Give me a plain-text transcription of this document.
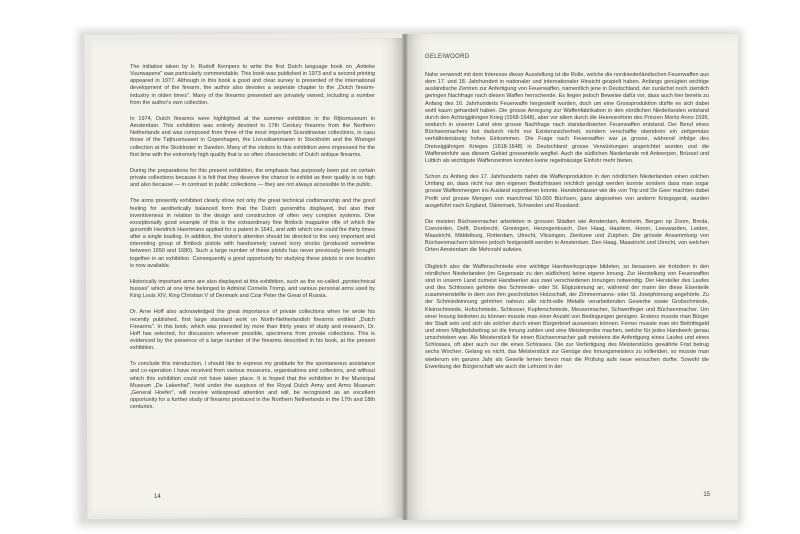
The initiative taken by Ir. Rudolf Kempers to write the first Dutch language book on „Antieke Vuurwapens" was particularly commendable. This book was published in 1973 and a second printing appeared in 1977. Although in this book a good and clear survey is presented of the international development of the firearm, the author also devotes a seperate chapter to the „Dutch firearm-industry in olden times". Many of the firearms presented are privately owned, including a number from the author's own collection.

In 1974, Dutch firearms were highlighted at the summer exhibition in the Rijksmuseum in Amsterdam. This exhibition was entirely devoted to 17th Century firearms from the Northern Netherlands and was composed from three of the most important Scandinavian collections, in casu those of the Tøjhusmuseet in Copenhagen, the Livrustkammaren in Stockholm and the Wrangel collection at the Skokloster in Sweden. Many of the visitors to this exhibition were impressed for the first time with the extremely high quality that is so often characteristic of Dutch antique firearms.

During the preparations for this present exhibition, the emphasis has purposely been put on certain private collections because it is felt that they deserve the chance to exhibit as their quality is so high and also because — in contrast to public collections — they are not always accessible to the public.

The arms presently exhibited clearly show not only the great technical craftsmanship and the good feeling for aesthetically balanced form that the Dutch gunsmiths displayed, but also their inventiveness in relation to the design and construction of often very complex systems. One exceptionally good example of this is the extraordinary fine flintlock magazine rifle of which the gunsmith Hendrick Haertmans applied for a patent in 1641, and with which one could fire thirty times after a single loading. In addition, the visitor's attention should be directed to the very important and interesting group of flintlock pistols with handsomely carved ivory stocks (produced sometime between 1650 and 1680). Such a large number of these pistols has never previously been brought together in an exhibition. Consequently a good opportunity for studying these pistols in one location is now available.

Historically important arms are also displayed at this exhibition, such as the so-called „pyrotechnical busses" which at one time belonged to Admiral Cornelis Tromp, and various personal arms used by King Louis XIV, King Christian V of Denmark and Czar Peter the Great of Russia.

Dr. Arne Hoff also acknowledged the great importance of private collections when he wrote his recently published, first large standard work on North-Netherlandish firearms entitled „Dutch Firearms". In this book, which was preceded by more than thirty years of study and research, Dr. Hoff has selected, for discussion wherever possible, specimens from private collections. This is evidenced by the presence of a large number of the firearms described in his book, at the present exhibition.

To conclude this introduction, I should like to express my gratitude for the spontaneous assistance and co-operation I have received from various museums, organisations and collectors, and without which this exhibition could not have taken place. It is hoped that the exhibition in the Municipal Museum „De Lakenhal", held under the auspices of the Royal Dutch Army and Arms Museum „General Hoefer", will receive widespread attention and will, be recognized as an excellent opportunity for a further study of firearms produced in the Northern Netherlands in the 17th and 18th centuries.

14
GELEIWOORD

Nahe verwendt mit dem Interesse dieser Ausstellung ist die Rolle, welche die nordniederländischen Feuerwaffen aus dem 17. und 18. Jahrhundert in nationaler und internationaler Hinsicht gespielt haben. Anfangs genügten wichtige ausländische Zentren zur Anfertigung von Feuerwaffen, namentlich jene in Deutschland, der zunächst noch ziemlich geringen Nachfrage nach diesen Waffen herrschende. Es liegen jedoch Beweise dafür vor, dass auch hier bereits zu Anfang des 16. Jahrhunderts Feuerwaffe hergestellt wurden, doch um eine Grossproduktion dürfte es sich dabei wohl kaum gehandelt haben. Die grosse Anregung zur Waffenfabrikation in den nördlichen Niederlanden entstand durch den Achtzigjährigen Krieg (1568-1648), aber vor allem durch die Heeresreform des Prinzen Moritz Anno 1599, wodurch in unserm Land eine grosse Nachfrage nach standardisierten Feuerwaffen entstand. Der Beruf eines Büchsenmachers bot dadurch nicht nur Existenzsicherheit, sondern verschaffte obendrein ein zeitgemäss verhältnismässig hohes Einkommen. Die Frage nach Feuerwaffen war ja grosse, während infolge des Dreissigjährigen Krieges (1618-1648) in Deutschland grosse Verwüstungen angerichtet wurden und die Waffeneinfuhr aus diesem Gebiet grossenteils wegfiel. Auch die südlichen Niederlande mit Antwerpen, Brüssel und Lüttich als wichtigste Waffenzentren konnten keine regelmässige Einfuhr mehr bieten.

Schon zu Anfang des 17. Jahrhunderts nahm die Waffenproduktion in den nördlichen Niederlanden einen solchen Umfang an, dass nicht nur den eigenen Bedürfnissen reichlich genügt werden konnte sondern dass man sogar grosse Waffenmengen ins Ausland exportieren konnte. Handelshäuser wie die von Trip und De Geer machten dabei Profit und grosse Mengen von manchmal 50.000 Büchsen, ganz abgesehen von anderm Kriegsgerät, wurden ausgeführt nach England, Dänemark, Schweden und Russland.

Die meisten Büchsenmacher arbeiteten in grossen Städten wie Amsterdam, Arnheim, Bergen op Zoom, Breda, Coevorden, Delft, Dordrecht, Groningen, Herzogenbusch, Den Haag, Haarlem, Hoorn, Leeuwarden, Leiden, Maastricht, Middelburg, Rotterdam, Utrecht, Vlissingen, Zierikzee und Zutphen. Die grösste Ansammlung von Büchsenmachern können jedoch festgestellt werden in Amsterdam, Den Haag, Maastricht und Utrecht, von welchen Orten Amsterdam die Mehrzahl aufwies.

Obgleich also die Waffenschmiede eine wichtige Handwerksgruppe bildeten, so besassen sie trotzdem in den nördlichen Niederlanden (im Gegensatz zu den südlichen) keine eigene Innung. Zur Herstellung von Feuerwaffen sind in unserm Land zumeist Handwerker aus zwei verschiedenen Innungen notwendig. Der Hersteller des Laufes und des Schlosses gehörte des Schmiede- oder St. Eligiusinnung an, während der mann der diese Eisenteile zusammenstellte in dem von ihm geschnitzten Holzschaft, der Zimmermanns- oder St. Josephinnung angehörte. Zu der Schmiedeinnung gehörten nahezu alle nicht-edle Metalle verarbeitenden Gewerbe sowie Grobschmiede, Kleinschmiede, Hufschmiede, Schlosser, Kupferschmiede, Messermacher, Schwertfeger und Büchsenmacher. Um einer Innung beitreten zu können musste man einer Anzahl von Bedingungen genügen. Erstens musste man Bürger der Stadt sein und sich als solcher durch einen Bürgerbrief ausweisen können. Ferner musste man ein Beitrittsgeld und einen Mitgliedsbeitrag an die Innung zahlen und eine Meisterprobe machen, welche für jedes Handwerk genau umschrieben war. Als Meisterstück für einen Büchsenmacher galt meistens die Anfertigung eines Laufes und eines Schlosses, oft aber auch nur die eines Schlosses. Die zur Verfertigung des Meisterstücks gewährte Frist betrug sechs Wochen. Gelang es nicht, das Meisterstück zur Genüge des Innungsmeisters zu vollenden, so musste man wiederum ein ganzes Jahr als Geselle lernen bevor man die Prüfung aufs neue versuchen durfte. Sowohl die Erwerbung der Bürgerschaft wie auch die Lehrzeit in der

15
